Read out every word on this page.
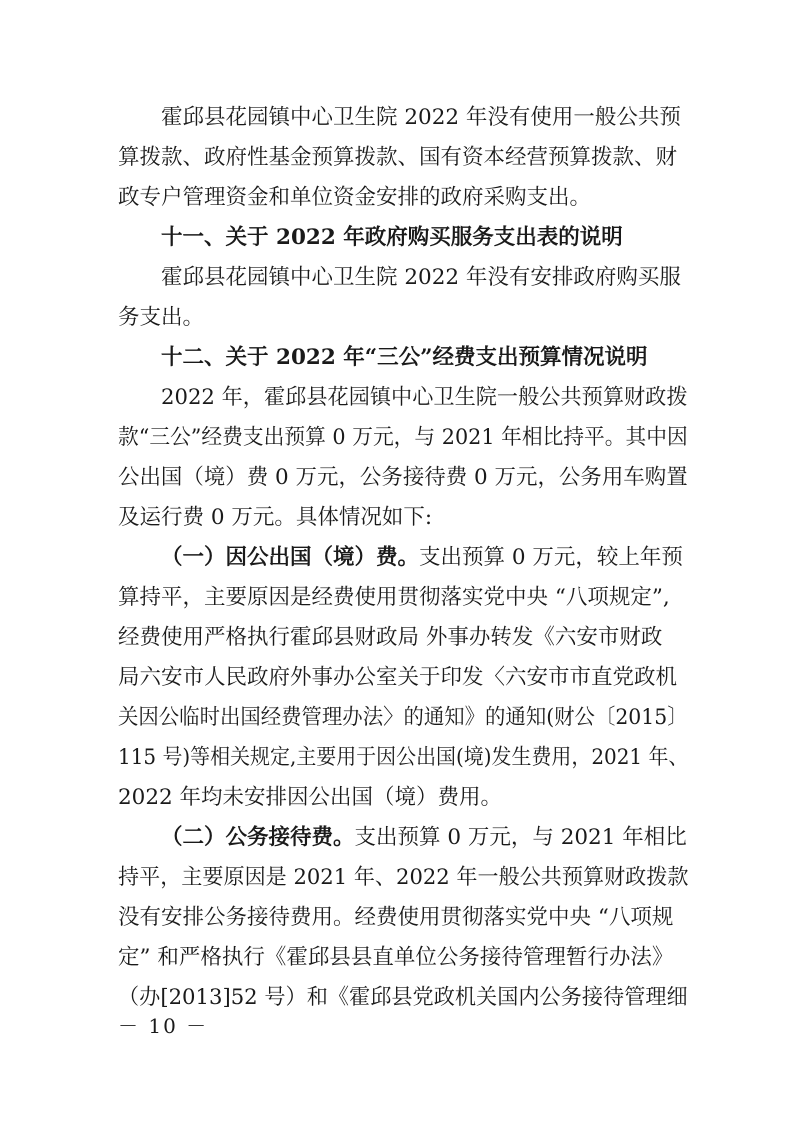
霍邱县花园镇中心卫生院 2022 年没有使用一般公共预
算拨款、政府性基金预算拨款、国有资本经营预算拨款、财
政专户管理资金和单位资金安排的政府采购支出。
十一、关于 2022 年政府购买服务支出表的说明
霍邱县花园镇中心卫生院 2022 年没有安排政府购买服
务支出。
十二、关于 2022 年“三公”经费支出预算情况说明
2022 年，霍邱县花园镇中心卫生院一般公共预算财政拨
款“三公”经费支出预算 0 万元，与 2021 年相比持平。其中因
公出国（境）费 0 万元，公务接待费 0 万元，公务用车购置
及运行费 0 万元。具体情况如下:
（一）因公出国（境）费。支出预算 0 万元，较上年预
算持平，主要原因是经费使用贯彻落实党中央 “八项规定”,
经费使用严格执行霍邱县财政局 外事办转发《六安市财政
局六安市人民政府外事办公室关于印发〈六安市市直党政机
关因公临时出国经费管理办法〉的通知》的通知(财公〔2015〕
115 号)等相关规定,主要用于因公出国(境)发生费用，2021 年、
2022 年均未安排因公出国（境）费用。
（二）公务接待费。支出预算 0 万元，与 2021 年相比
持平，主要原因是 2021 年、2022 年一般公共预算财政拨款
没有安排公务接待费用。经费使用贯彻落实党中央 “八项规
定” 和严格执行《霍邱县县直单位公务接待管理暂行办法》
（办[2013]52 号）和《霍邱县党政机关国内公务接待管理细
－ 10 －
